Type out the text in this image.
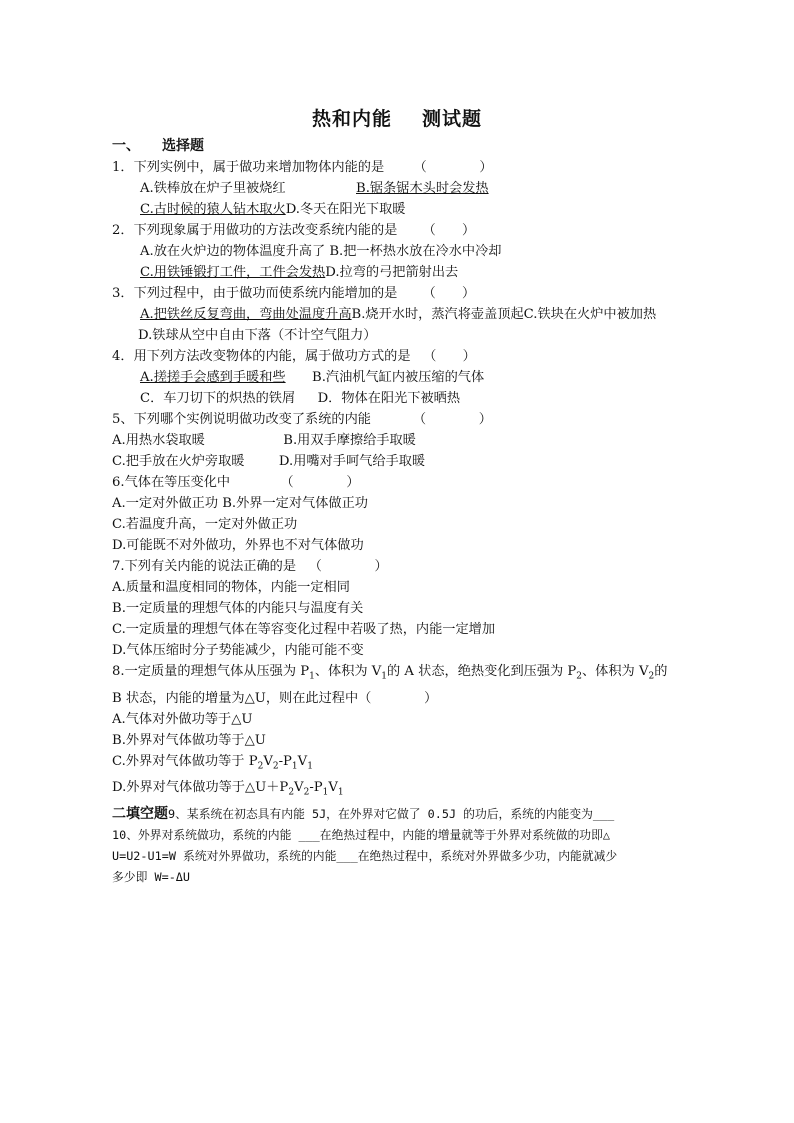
热和内能 测试题
一、 选择题
1．下列实例中，属于做功来增加物体内能的是 （　　　　）
A.铁棒放在炉子里被烧红	B.锯条锯木头时会发热
C.古时候的猿人钻木取火D.冬天在阳光下取暖
2．下列现象属于用做功的方法改变系统内能的是 （　　）
A.放在火炉边的物体温度升高了 B.把一杯热水放在冷水中冷却
C.用铁锤锻打工件，工件会发热D.拉弯的弓把箭射出去
3．下列过程中，由于做功而使系统内能增加的是 （　　）
A.把铁丝反复弯曲，弯曲处温度升高B.烧开水时，蒸汽将壶盖顶起C.铁块在火炉中被加热
D.铁球从空中自由下落（不计空气阻力）
4．用下列方法改变物体的内能，属于做功方式的是 （　　）
A.搓搓手会感到手暖和些 B.汽油机气缸内被压缩的气体
C．车刀切下的炽热的铁屑 D．物体在阳光下被晒热
5、下列哪个实例说明做功改变了系统的内能	（　　　　）
A.用热水袋取暖	B.用双手摩擦给手取暖
C.把手放在火炉旁取暖	D.用嘴对手呵气给手取暖
6.气体在等压变化中	（　　　　）
A.一定对外做正功 B.外界一定对气体做正功
C.若温度升高，一定对外做正功
D.可能既不对外做功，外界也不对气体做功
7.下列有关内能的说法正确的是 （　　　　）
A.质量和温度相同的物体，内能一定相同
B.一定质量的理想气体的内能只与温度有关
C.一定质量的理想气体在等容变化过程中若吸了热，内能一定增加
D.气体压缩时分子势能减少，内能可能不变
8.一定质量的理想气体从压强为 $P_1$、体积为 $V_1$的 A 状态，绝热变化到压强为 $P_2$、体积为 $V_2$的
B 状态，内能的增量为△U，则在此过程中（　　　　）
A.气体对外做功等于△U
B.外界对气体做功等于△U
C.外界对气体做功等于 $P_2V_2-P_1V_1$
D.外界对气体做功等于$\triangle U+P_2V_2-P_1V_1$
二填空题9、某系统在初态具有内能 5J，在外界对它做了 0.5J 的功后，系统的内能变为___
10、外界对系统做功，系统的内能 ___在绝热过程中，内能的增量就等于外界对系统做的功即△
U=U2-U1=W 系统对外界做功，系统的内能___在绝热过程中，系统对外界做多少功，内能就减少
多少即 W=-ΔU
